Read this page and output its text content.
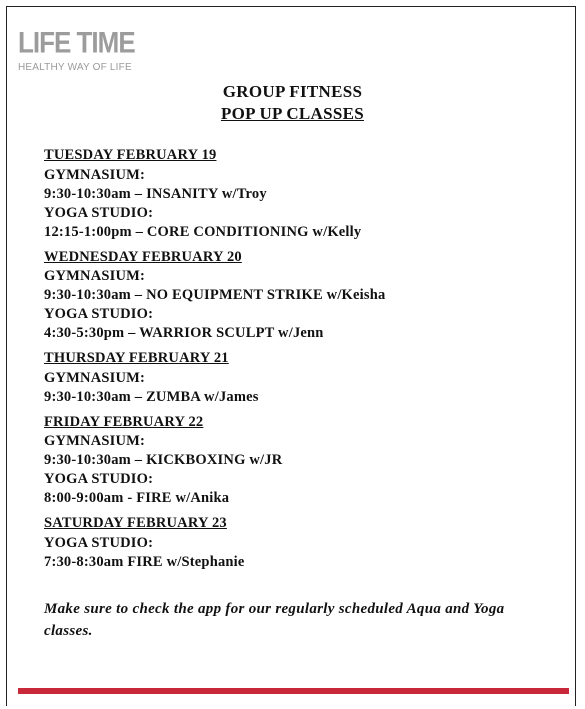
LIFE TIME
HEALTHY WAY OF LIFE
GROUP FITNESS
POP UP CLASSES
TUESDAY FEBRUARY 19
GYMNASIUM:
9:30-10:30am – INSANITY w/Troy
YOGA STUDIO:
12:15-1:00pm – CORE CONDITIONING w/Kelly
WEDNESDAY FEBRUARY 20
GYMNASIUM:
9:30-10:30am – NO EQUIPMENT STRIKE w/Keisha
YOGA STUDIO:
4:30-5:30pm – WARRIOR SCULPT w/Jenn
THURSDAY FEBRUARY 21
GYMNASIUM:
9:30-10:30am – ZUMBA w/James
FRIDAY FEBRUARY 22
GYMNASIUM:
9:30-10:30am – KICKBOXING w/JR
YOGA STUDIO:
8:00-9:00am - FIRE w/Anika
SATURDAY FEBRUARY 23
YOGA STUDIO:
7:30-8:30am FIRE w/Stephanie
Make sure to check the app for our regularly scheduled Aqua and Yoga classes.
